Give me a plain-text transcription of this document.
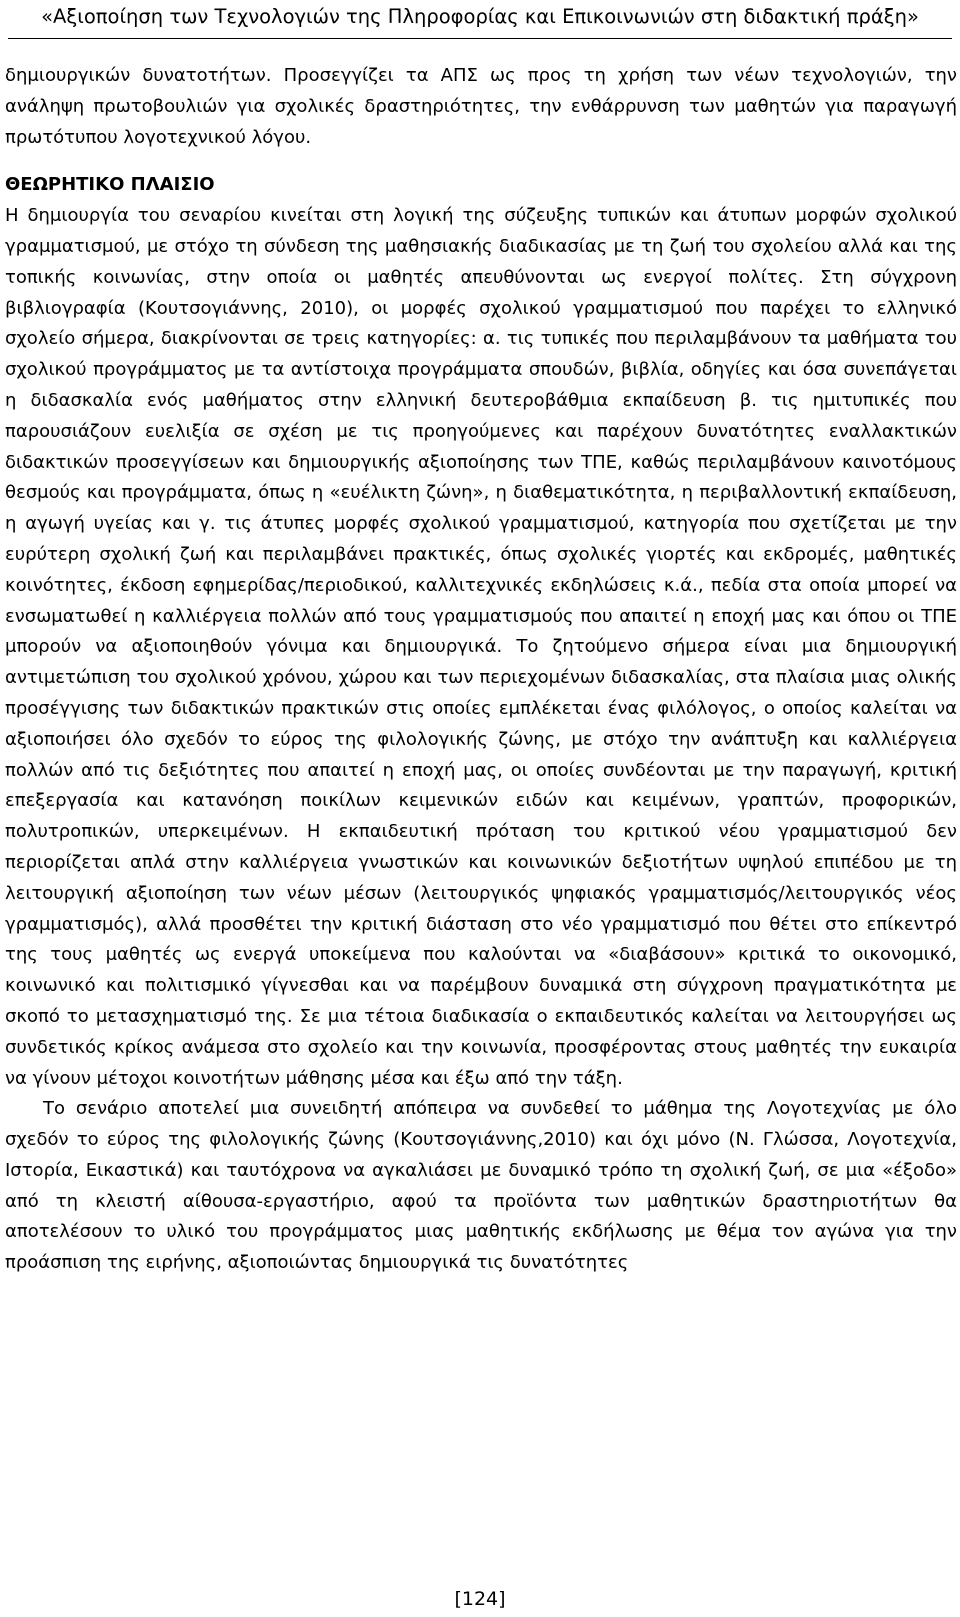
«Αξιοποίηση των Τεχνολογιών της Πληροφορίας και Επικοινωνιών στη διδακτική πράξη»

δημιουργικών δυνατοτήτων. Προσεγγίζει τα ΑΠΣ ως προς τη χρήση των νέων τεχνολογιών, την ανάληψη πρωτοβουλιών για σχολικές δραστηριότητες, την ενθάρρυνση των μαθητών για παραγωγή πρωτότυπου λογοτεχνικού λόγου.

ΘΕΩΡΗΤΙΚΟ ΠΛΑΙΣΙΟ

Η δημιουργία του σεναρίου κινείται στη λογική της σύζευξης τυπικών και άτυπων μορφών σχολικού γραμματισμού, με στόχο τη σύνδεση της μαθησιακής διαδικασίας με τη ζωή του σχολείου αλλά και της τοπικής κοινωνίας, στην οποία οι μαθητές απευθύνονται ως ενεργοί πολίτες. Στη σύγχρονη βιβλιογραφία (Κουτσογιάννης, 2010), οι μορφές σχολικού γραμματισμού που παρέχει το ελληνικό σχολείο σήμερα, διακρίνονται σε τρεις κατηγορίες: α. τις τυπικές που περιλαμβάνουν τα μαθήματα του σχολικού προγράμματος με τα αντίστοιχα προγράμματα σπουδών, βιβλία, οδηγίες και όσα συνεπάγεται η διδασκαλία ενός μαθήματος στην ελληνική δευτεροβάθμια εκπαίδευση β. τις ημιτυπικές που παρουσιάζουν ευελιξία σε σχέση με τις προηγούμενες και παρέχουν δυνατότητες εναλλακτικών διδακτικών προσεγγίσεων και δημιουργικής αξιοποίησης των ΤΠΕ, καθώς περιλαμβάνουν καινοτόμους θεσμούς και προγράμματα, όπως η «ευέλικτη ζώνη», η διαθεματικότητα, η περιβαλλοντική εκπαίδευση, η αγωγή υγείας και γ. τις άτυπες μορφές σχολικού γραμματισμού, κατηγορία που σχετίζεται με την ευρύτερη σχολική ζωή και περιλαμβάνει πρακτικές, όπως σχολικές γιορτές και εκδρομές, μαθητικές κοινότητες, έκδοση εφημερίδας/περιοδικού, καλλιτεχνικές εκδηλώσεις κ.ά., πεδία στα οποία μπορεί να ενσωματωθεί η καλλιέργεια πολλών από τους γραμματισμούς που απαιτεί η εποχή μας και όπου οι ΤΠΕ μπορούν να αξιοποιηθούν γόνιμα και δημιουργικά. Το ζητούμενο σήμερα είναι μια δημιουργική αντιμετώπιση του σχολικού χρόνου, χώρου και των περιεχομένων διδασκαλίας, στα πλαίσια μιας ολικής προσέγγισης των διδακτικών πρακτικών στις οποίες εμπλέκεται ένας φιλόλογος, ο οποίος καλείται να αξιοποιήσει όλο σχεδόν το εύρος της φιλολογικής ζώνης, με στόχο την ανάπτυξη και καλλιέργεια πολλών από τις δεξιότητες που απαιτεί η εποχή μας, οι οποίες συνδέονται με την παραγωγή, κριτική επεξεργασία και κατανόηση ποικίλων κειμενικών ειδών και κειμένων, γραπτών, προφορικών, πολυτροπικών, υπερκειμένων. Η εκπαιδευτική πρόταση του κριτικού νέου γραμματισμού δεν περιορίζεται απλά στην καλλιέργεια γνωστικών και κοινωνικών δεξιοτήτων υψηλού επιπέδου με τη λειτουργική αξιοποίηση των νέων μέσων (λειτουργικός ψηφιακός γραμματισμός/λειτουργικός νέος γραμματισμός), αλλά προσθέτει την κριτική διάσταση στο νέο γραμματισμό που θέτει στο επίκεντρό της τους μαθητές ως ενεργά υποκείμενα που καλούνται να «διαβάσουν» κριτικά το οικονομικό, κοινωνικό και πολιτισμικό γίγνεσθαι και να παρέμβουν δυναμικά στη σύγχρονη πραγματικότητα με σκοπό το μετασχηματισμό της. Σε μια τέτοια διαδικασία ο εκπαιδευτικός καλείται να λειτουργήσει ως συνδετικός κρίκος ανάμεσα στο σχολείο και την κοινωνία, προσφέροντας στους μαθητές την ευκαιρία να γίνουν μέτοχοι κοινοτήτων μάθησης μέσα και έξω από την τάξη.

Το σενάριο αποτελεί μια συνειδητή απόπειρα να συνδεθεί το μάθημα της Λογοτεχνίας με όλο σχεδόν το εύρος της φιλολογικής ζώνης (Κουτσογιάννης,2010) και όχι μόνο (Ν. Γλώσσα, Λογοτεχνία, Ιστορία, Εικαστικά) και ταυτόχρονα να αγκαλιάσει με δυναμικό τρόπο τη σχολική ζωή, σε μια «έξοδο» από τη κλειστή αίθουσα-εργαστήριο, αφού τα προϊόντα των μαθητικών δραστηριοτήτων θα αποτελέσουν το υλικό του προγράμματος μιας μαθητικής εκδήλωσης με θέμα τον αγώνα για την προάσπιση της ειρήνης, αξιοποιώντας δημιουργικά τις δυνατότητες

[124]
